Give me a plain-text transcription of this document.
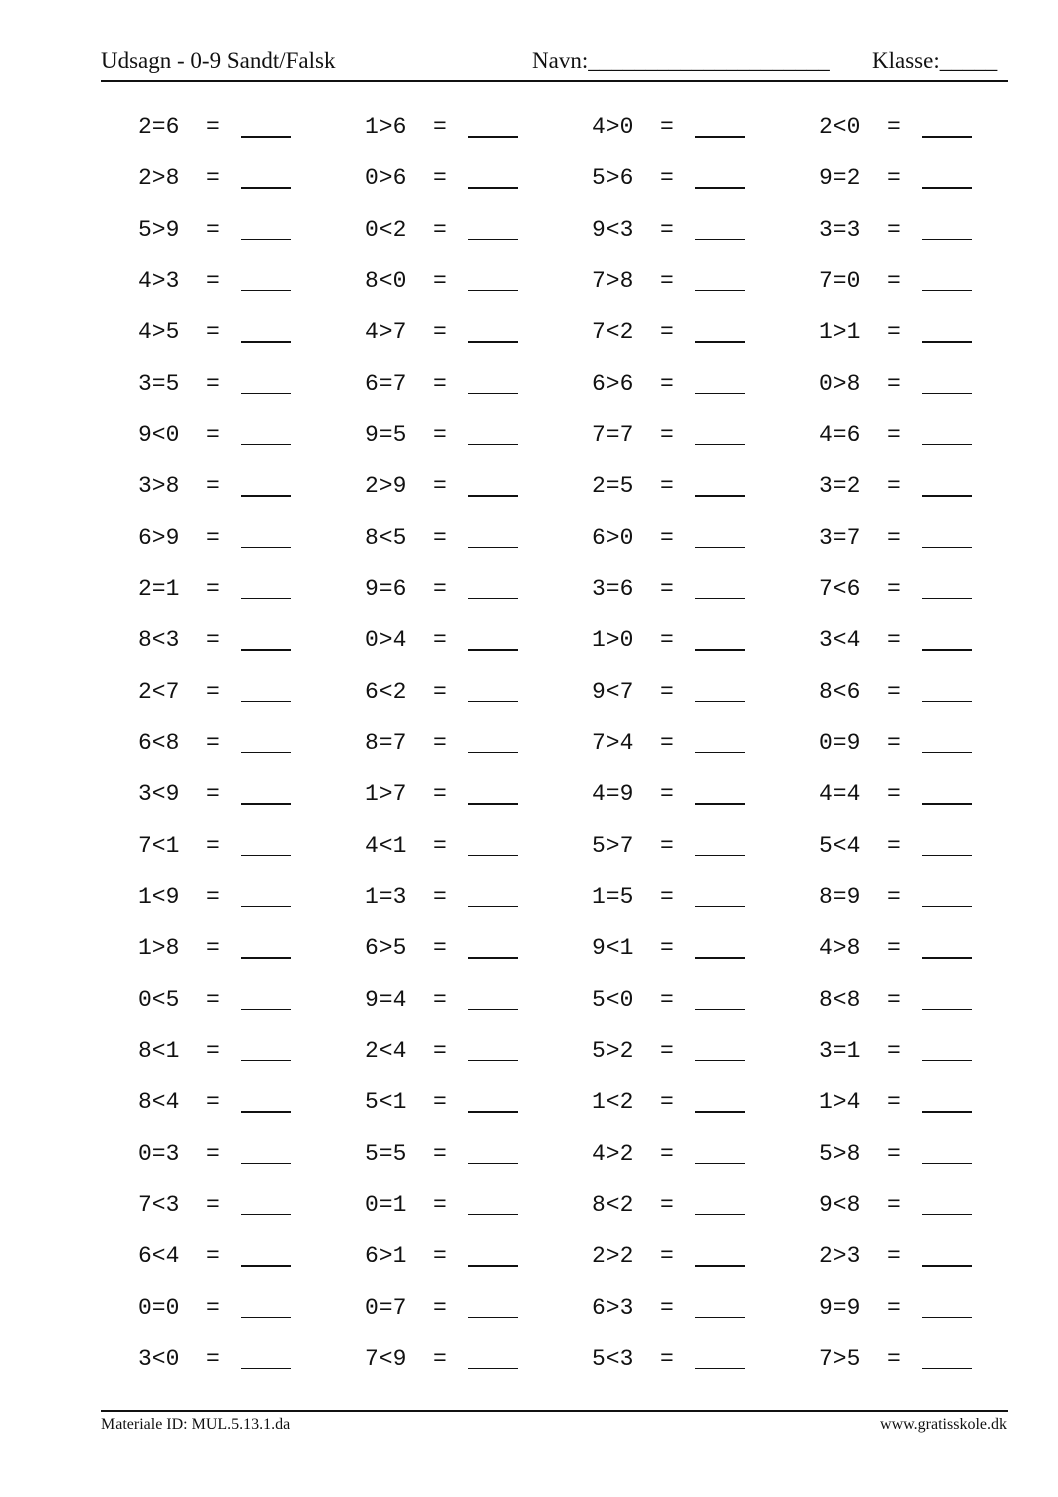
Udsagn - 0-9 Sandt/Falsk	Navn:_____________________ Klasse:_____
2=6 =	1>6 =	4>0 =	2<0 =
2>8 =	0>6 =	5>6 =	9=2 =
5>9 =	0<2 =	9<3 =	3=3 =
4>3 =	8<0 =	7>8 =	7=0 =
4>5 =	4>7 =	7<2 =	1>1 =
3=5 =	6=7 =	6>6 =	0>8 =
9<0 =	9=5 =	7=7 =	4=6 =
3>8 =	2>9 =	2=5 =	3=2 =
6>9 =	8<5 =	6>0 =	3=7 =
2=1 =	9=6 =	3=6 =	7<6 =
8<3 =	0>4 =	1>0 =	3<4 =
2<7 =	6<2 =	9<7 =	8<6 =
6<8 =	8=7 =	7>4 =	0=9 =
3<9 =	1>7 =	4=9 =	4=4 =
7<1 =	4<1 =	5>7 =	5<4 =
1<9 =	1=3 =	1=5 =	8=9 =
1>8 =	6>5 =	9<1 =	4>8 =
0<5 =	9=4 =	5<0 =	8<8 =
8<1 =	2<4 =	5>2 =	3=1 =
8<4 =	5<1 =	1<2 =	1>4 =
0=3 =	5=5 =	4>2 =	5>8 =
7<3 =	0=1 =	8<2 =	9<8 =
6<4 =	6>1 =	2>2 =	2>3 =
0=0 =	0=7 =	6>3 =	9=9 =
3<0 =	7<9 =	5<3 =	7>5 =
Materiale ID: MUL.5.13.1.da	www.gratisskole.dk
